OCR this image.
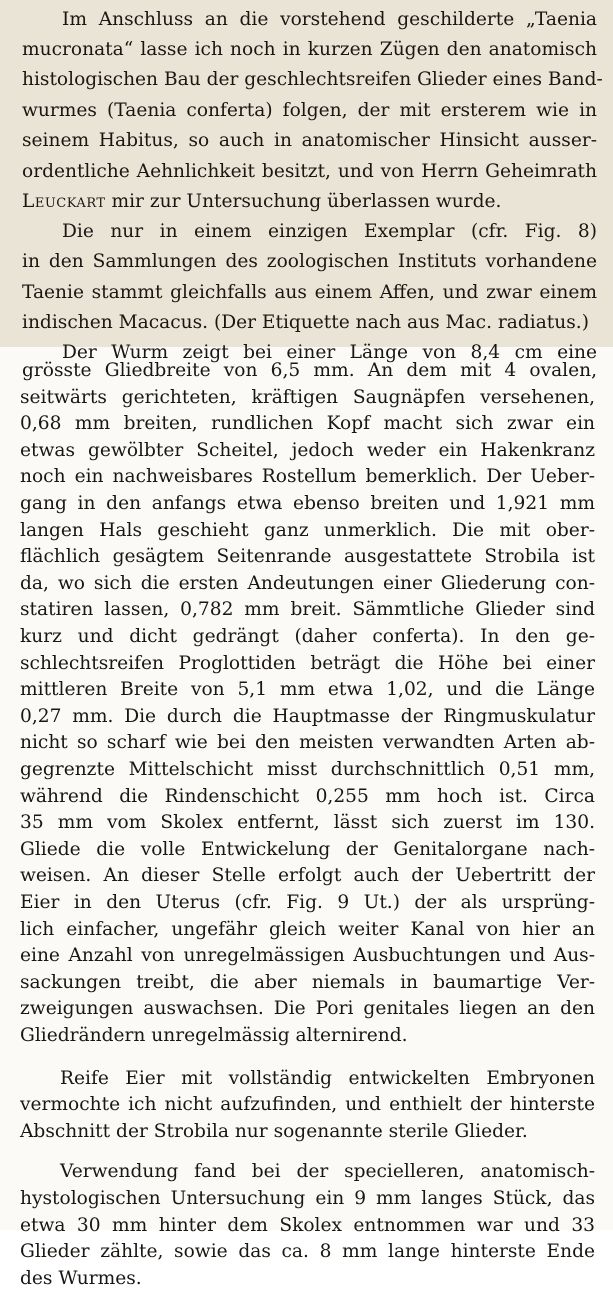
Im Anschluss an die vorstehend geschilderte „Taenia
mucronata“ lasse ich noch in kurzen Zügen den anatomisch
histologischen Bau der geschlechtsreifen Glieder eines Band-
wurmes (Taenia conferta) folgen, der mit ersterem wie in
seinem Habitus, so auch in anatomischer Hinsicht ausser-
ordentliche Aehnlichkeit besitzt, und von Herrn Geheimrath
Leuckart mir zur Untersuchung überlassen wurde.
Die nur in einem einzigen Exemplar (cfr. Fig. 8)
in den Sammlungen des zoologischen Instituts vorhandene
Taenie stammt gleichfalls aus einem Affen, und zwar einem
indischen Macacus. (Der Etiquette nach aus Mac. radiatus.)
Der Wurm zeigt bei einer Länge von 8,4 cm eine
grösste Gliedbreite von 6,5 mm. An dem mit 4 ovalen,
seitwärts gerichteten, kräftigen Saugnäpfen versehenen,
0,68 mm breiten, rundlichen Kopf macht sich zwar ein
etwas gewölbter Scheitel, jedoch weder ein Hakenkranz
noch ein nachweisbares Rostellum bemerklich. Der Ueber-
gang in den anfangs etwa ebenso breiten und 1,921 mm
langen Hals geschieht ganz unmerklich. Die mit ober-
flächlich gesägtem Seitenrande ausgestattete Strobila ist
da, wo sich die ersten Andeutungen einer Gliederung con-
statiren lassen, 0,782 mm breit. Sämmtliche Glieder sind
kurz und dicht gedrängt (daher conferta). In den ge-
schlechtsreifen Proglottiden beträgt die Höhe bei einer
mittleren Breite von 5,1 mm etwa 1,02, und die Länge
0,27 mm. Die durch die Hauptmasse der Ringmuskulatur
nicht so scharf wie bei den meisten verwandten Arten ab-
gegrenzte Mittelschicht misst durchschnittlich 0,51 mm,
während die Rindenschicht 0,255 mm hoch ist. Circa
35 mm vom Skolex entfernt, lässt sich zuerst im 130.
Gliede die volle Entwickelung der Genitalorgane nach-
weisen. An dieser Stelle erfolgt auch der Uebertritt der
Eier in den Uterus (cfr. Fig. 9 Ut.) der als ursprüng-
lich einfacher, ungefähr gleich weiter Kanal von hier an
eine Anzahl von unregelmässigen Ausbuchtungen und Aus-
sackungen treibt, die aber niemals in baumartige Ver-
zweigungen auswachsen. Die Pori genitales liegen an den
Gliedrändern unregelmässig alternirend.
Reife Eier mit vollständig entwickelten Embryonen
vermochte ich nicht aufzufinden, und enthielt der hinterste
Abschnitt der Strobila nur sogenannte sterile Glieder.
Verwendung fand bei der specielleren, anatomisch-
hystologischen Untersuchung ein 9 mm langes Stück, das
etwa 30 mm hinter dem Skolex entnommen war und 33
Glieder zählte, sowie das ca. 8 mm lange hinterste Ende
des Wurmes.
